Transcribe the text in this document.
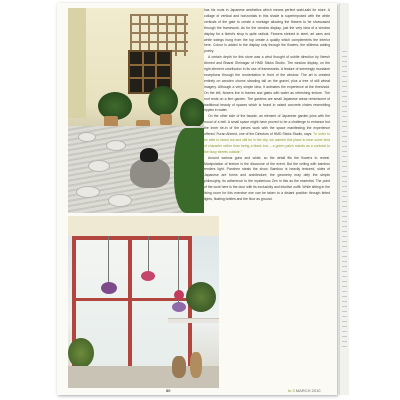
has his roots in Japanese aesthetics which means perfect wabi-sabi for store. A collage of vertical and horizontals in this shade is superimposed with the white verticals of the gate to create a montage allowing the flowers to be showcased through the framework. As for the window display, just the very idea of a window display for a florist's shop is quite radical. Flowers shrined in steel, art cans and white swings hung from the top create a quality which complements the interior here. Colour is added to the display only through the flowers, the stillness adding poetry.

A certain depth for this store was a wind thought of subtle direction by Neesh Ahmed and Bharat Shrinagar of HMD Sticks Studio. The window display, on the right element unorthodox in its use of frameworks. A feature of seemingly mundane exceptions through the reorientation in front of the window. The art is created entirely on wooden churns standing tall on the gravel, plus a tree of still wheat imagery. Although a very simple idea, it animates the experience at the threshold. On the left, flowers live in frames and gates with water as refreshing texture. The roof rests on a firm garden. The gardens are small Japanese areas reminiscent of traditional beauty of spaces which is found in raised concrete circles resembling ripples in water.

On the other side of the facade, an element of Japanese garden joins with the mood of a bell. A small space might have proved to be a challenge to enhance but the inner tie-in of the pieces work with the space manifesting the experience offered. Furan Ahmed, one of the Directors of HMD Sticks Studio, says: "In order to be able to stand out and still be in the city, we wanted this place to bear some kind of character rather than being a blank box – a green patch stands as a contrast to the busy streets outside."

Around various guns and white, so the detail fits the flowers to reveal. Manipulation of texture is the discourse of the event. But the ceiling with bamboo renders light. Panchen steals the show. Bamboo is heavily textured, sides of Japanese are forms and architecture; the geometry may defy the simple philosophy; its adherence to the mysterious Zen in this as the essential. The point of the work here is the door with its exclusivity and intuitive outfit. While sitting in the living room for this exercise one can be taken to a distant position through tinted lights, floating bottles and the floor as ground.

80	hr.3 MARCH 2010
